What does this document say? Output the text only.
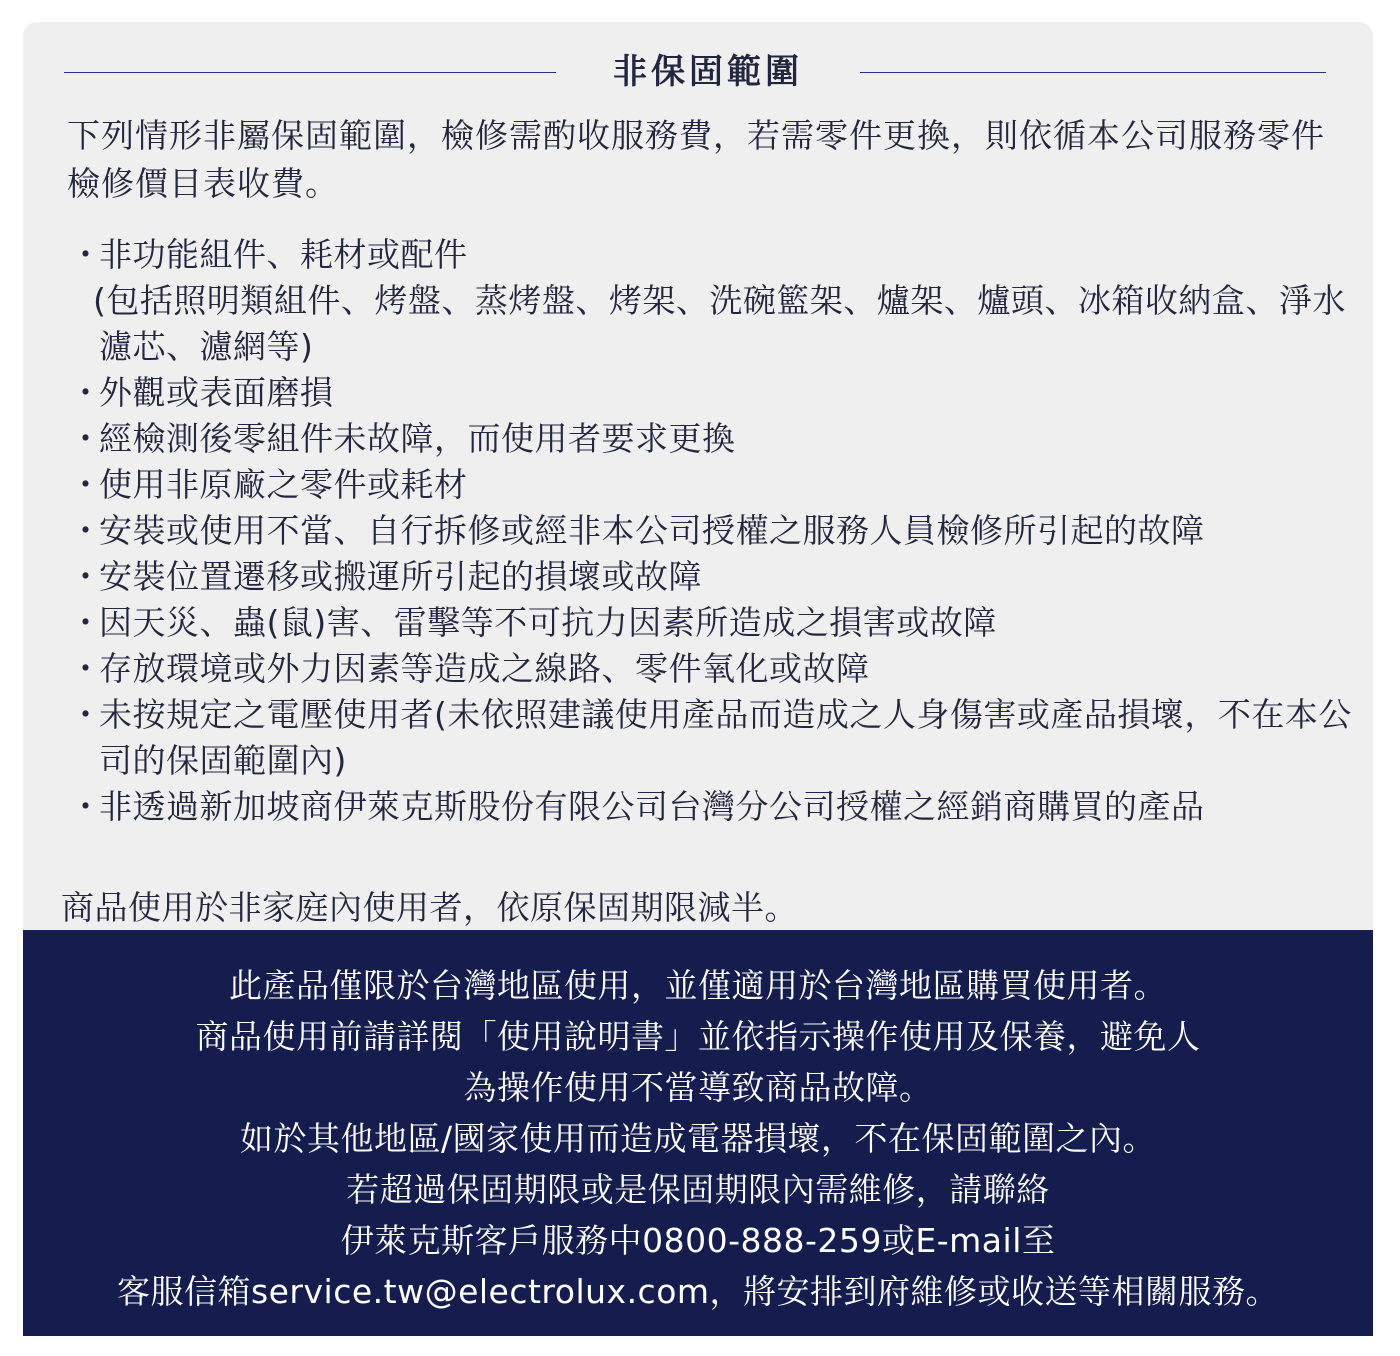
非保固範圍
下列情形非屬保固範圍，檢修需酌收服務費，若需零件更換，則依循本公司服務零件檢修價目表收費。
・
非功能組件、耗材或配件
(包括照明類組件、烤盤、蒸烤盤、烤架、洗碗籃架、爐架、爐頭、冰箱收納盒、淨水濾芯、濾網等)
・
外觀或表面磨損
・
經檢測後零組件未故障，而使用者要求更換
・
使用非原廠之零件或耗材
・
安裝或使用不當、自行拆修或經非本公司授權之服務人員檢修所引起的故障
・
安裝位置遷移或搬運所引起的損壞或故障
・
因天災、蟲(鼠)害、雷擊等不可抗力因素所造成之損害或故障
・
存放環境或外力因素等造成之線路、零件氧化或故障
・
未按規定之電壓使用者(未依照建議使用產品而造成之人身傷害或產品損壞，不在本公司的保固範圍內)
・
非透過新加坡商伊萊克斯股份有限公司台灣分公司授權之經銷商購買的產品
商品使用於非家庭內使用者，依原保固期限減半。
此產品僅限於台灣地區使用，並僅適用於台灣地區購買使用者。
商品使用前請詳閱「使用說明書」並依指示操作使用及保養，避免人
為操作使用不當導致商品故障。
如於其他地區/國家使用而造成電器損壞，不在保固範圍之內。
若超過保固期限或是保固期限內需維修，請聯絡
伊萊克斯客戶服務中0800-888-259或E-mail至
客服信箱service.tw@electrolux.com，將安排到府維修或收送等相關服務。
